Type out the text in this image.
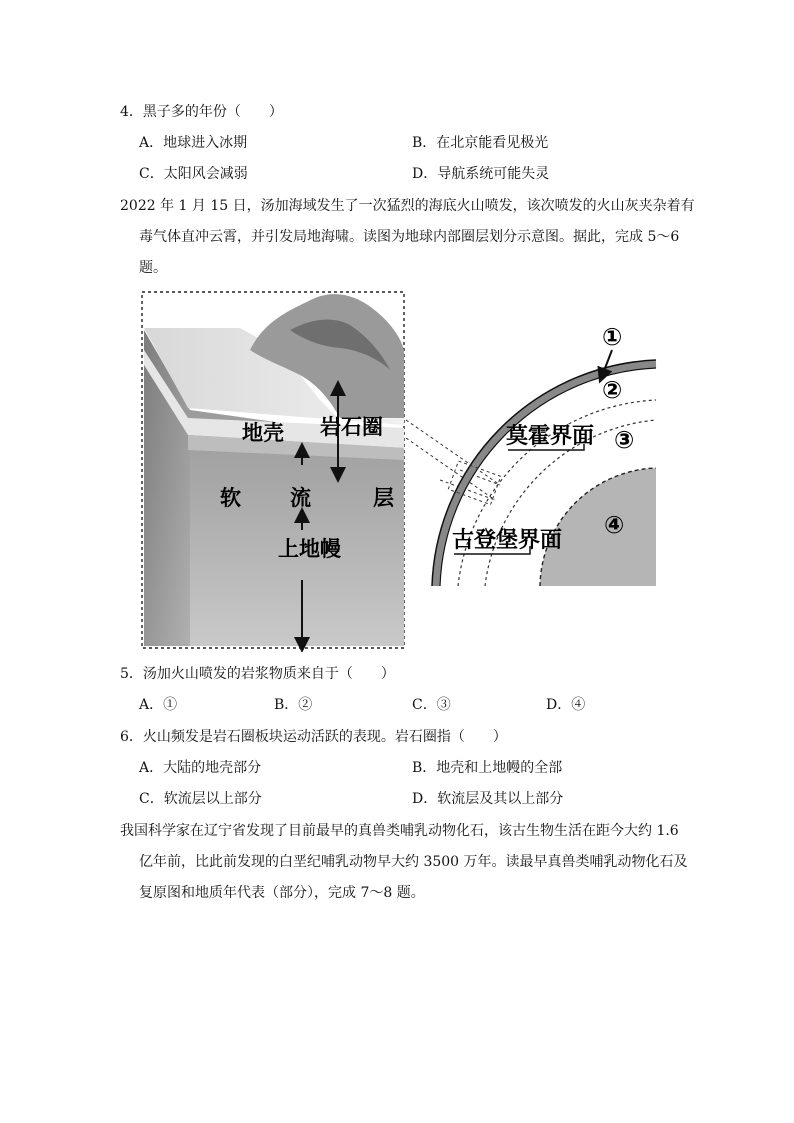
4．黑子多的年份（　　）
A．地球进入冰期	B．在北京能看见极光
C．太阳风会减弱	D．导航系统可能失灵
2022 年 1 月 15 日，汤加海域发生了一次猛烈的海底火山喷发，该次喷发的火山灰夹杂着有
毒气体直冲云霄，并引发局地海啸。读图为地球内部圈层划分示意图。据此，完成 5～6
题。
地壳 岩石圈
软 流	层
上地幔
①
②
③
④
莫霍界面
古登堡界面
5．汤加火山喷发的岩浆物质来自于（　　）
A．①	B．②	C．③	D．④
6．火山频发是岩石圈板块运动活跃的表现。岩石圈指（　　）
A．大陆的地壳部分	B．地壳和上地幔的全部
C．软流层以上部分	D．软流层及其以上部分
我国科学家在辽宁省发现了目前最早的真兽类哺乳动物化石，该古生物生活在距今大约 1.6
亿年前，比此前发现的白垩纪哺乳动物早大约 3500 万年。读最早真兽类哺乳动物化石及
复原图和地质年代表（部分），完成 7～8 题。
